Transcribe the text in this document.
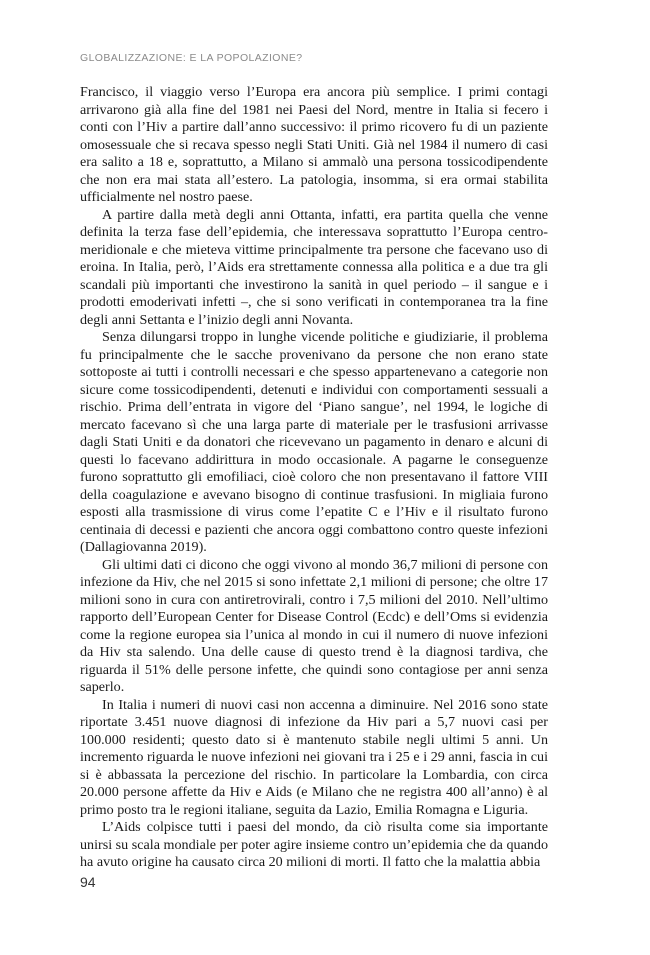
GLOBALIZZAZIONE: E LA POPOLAZIONE?

Francisco, il viaggio verso l’Europa era ancora più semplice. I primi contagi arrivarono già alla fine del 1981 nei Paesi del Nord, mentre in Italia si fecero i conti con l’Hiv a partire dall’anno successivo: il primo ricovero fu di un paziente omosessuale che si recava spesso negli Stati Uniti. Già nel 1984 il numero di casi era salito a 18 e, soprattutto, a Milano si ammalò una persona tossicodipendente che non era mai stata all’estero. La patologia, insomma, si era ormai stabilita ufficialmente nel nostro paese.

A partire dalla metà degli anni Ottanta, infatti, era partita quella che venne definita la terza fase dell’epidemia, che interessava soprattutto l’Europa centro-meridionale e che mieteva vittime principalmente tra persone che facevano uso di eroina. In Italia, però, l’Aids era strettamente connessa alla politica e a due tra gli scandali più importanti che investirono la sanità in quel periodo – il sangue e i prodotti emoderivati infetti –, che si sono verificati in contemporanea tra la fine degli anni Settanta e l’inizio degli anni Novanta.

Senza dilungarsi troppo in lunghe vicende politiche e giudiziarie, il problema fu principalmente che le sacche provenivano da persone che non erano state sottoposte ai tutti i controlli necessari e che spesso appartenevano a categorie non sicure come tossicodipendenti, detenuti e individui con comportamenti sessuali a rischio. Prima dell’entrata in vigore del ‘Piano sangue’, nel 1994, le logiche di mercato facevano sì che una larga parte di materiale per le trasfusioni arrivasse dagli Stati Uniti e da donatori che ricevevano un pagamento in denaro e alcuni di questi lo facevano addirittura in modo occasionale. A pagarne le conseguenze furono soprattutto gli emofiliaci, cioè coloro che non presentavano il fattore VIII della coagulazione e avevano bisogno di continue trasfusioni. In migliaia furono esposti alla trasmissione di virus come l’epatite C e l’Hiv e il risultato furono centinaia di decessi e pazienti che ancora oggi combattono contro queste infezioni (Dallagiovanna 2019).

Gli ultimi dati ci dicono che oggi vivono al mondo 36,7 milioni di persone con infezione da Hiv, che nel 2015 si sono infettate 2,1 milioni di persone; che oltre 17 milioni sono in cura con antiretrovirali, contro i 7,5 milioni del 2010. Nell’ultimo rapporto dell’European Center for Disease Control (Ecdc) e dell’Oms si evidenzia come la regione europea sia l’unica al mondo in cui il numero di nuove infezioni da Hiv sta salendo. Una delle cause di questo trend è la diagnosi tardiva, che riguarda il 51% delle persone infette, che quindi sono contagiose per anni senza saperlo.

In Italia i numeri di nuovi casi non accenna a diminuire. Nel 2016 sono state riportate 3.451 nuove diagnosi di infezione da Hiv pari a 5,7 nuovi casi per 100.000 residenti; questo dato si è mantenuto stabile negli ultimi 5 anni. Un incremento riguarda le nuove infezioni nei giovani tra i 25 e i 29 anni, fascia in cui si è abbassata la percezione del rischio. In particolare la Lombardia, con circa 20.000 persone affette da Hiv e Aids (e Milano che ne registra 400 all’anno) è al primo posto tra le regioni italiane, seguita da Lazio, Emilia Romagna e Liguria.

L’Aids colpisce tutti i paesi del mondo, da ciò risulta come sia importante unirsi su scala mondiale per poter agire insieme contro un’epidemia che da quando ha avuto origine ha causato circa 20 milioni di morti. Il fatto che la malattia abbia

94
